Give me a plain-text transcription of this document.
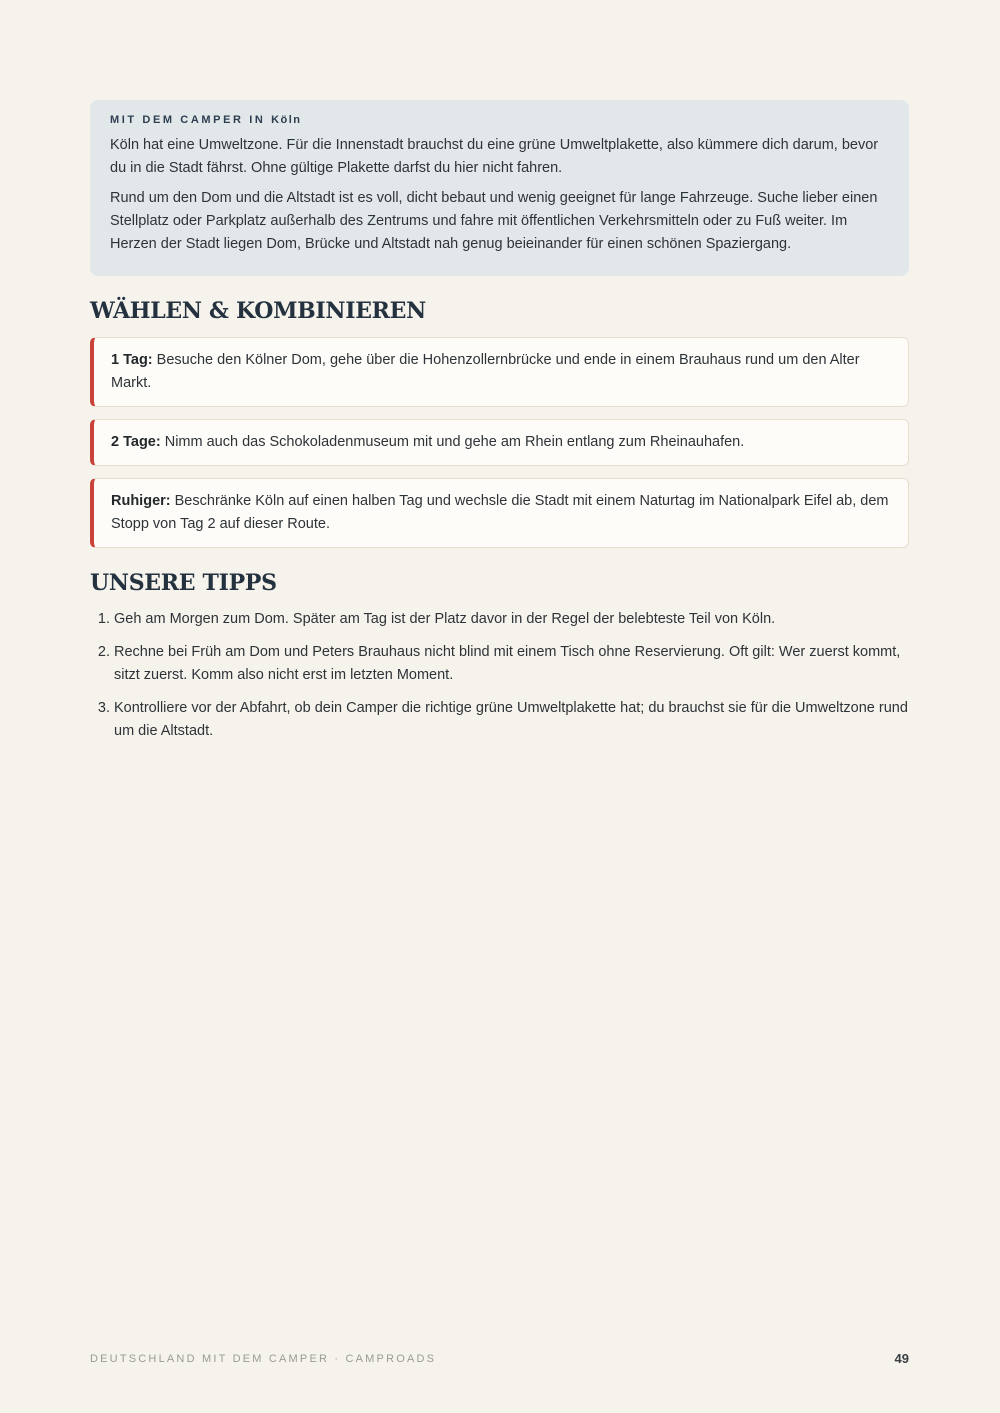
MIT DEM CAMPER IN Köln

Köln hat eine Umweltzone. Für die Innenstadt brauchst du eine grüne Umweltplakette, also kümmere dich darum, bevor du in die Stadt fährst. Ohne gültige Plakette darfst du hier nicht fahren.

Rund um den Dom und die Altstadt ist es voll, dicht bebaut und wenig geeignet für lange Fahrzeuge. Suche lieber einen Stellplatz oder Parkplatz außerhalb des Zentrums und fahre mit öffentlichen Verkehrsmitteln oder zu Fuß weiter. Im Herzen der Stadt liegen Dom, Brücke und Altstadt nah genug beieinander für einen schönen Spaziergang.

WÄHLEN & KOMBINIEREN
1 Tag: Besuche den Kölner Dom, gehe über die Hohenzollernbrücke und ende in einem Brauhaus rund um den Alter Markt.
2 Tage: Nimm auch das Schokoladenmuseum mit und gehe am Rhein entlang zum Rheinauhafen.
Ruhiger: Beschränke Köln auf einen halben Tag und wechsle die Stadt mit einem Naturtag im Nationalpark Eifel ab, dem Stopp von Tag 2 auf dieser Route.
UNSERE TIPPS
1. Geh am Morgen zum Dom. Später am Tag ist der Platz davor in der Regel der belebteste Teil von Köln.
2. Rechne bei Früh am Dom und Peters Brauhaus nicht blind mit einem Tisch ohne Reservierung. Oft gilt: Wer zuerst kommt, sitzt zuerst. Komm also nicht erst im letzten Moment.
3. Kontrolliere vor der Abfahrt, ob dein Camper die richtige grüne Umweltplakette hat; du brauchst sie für die Umweltzone rund um die Altstadt.
DEUTSCHLAND MIT DEM CAMPER · CAMPROADS	49
